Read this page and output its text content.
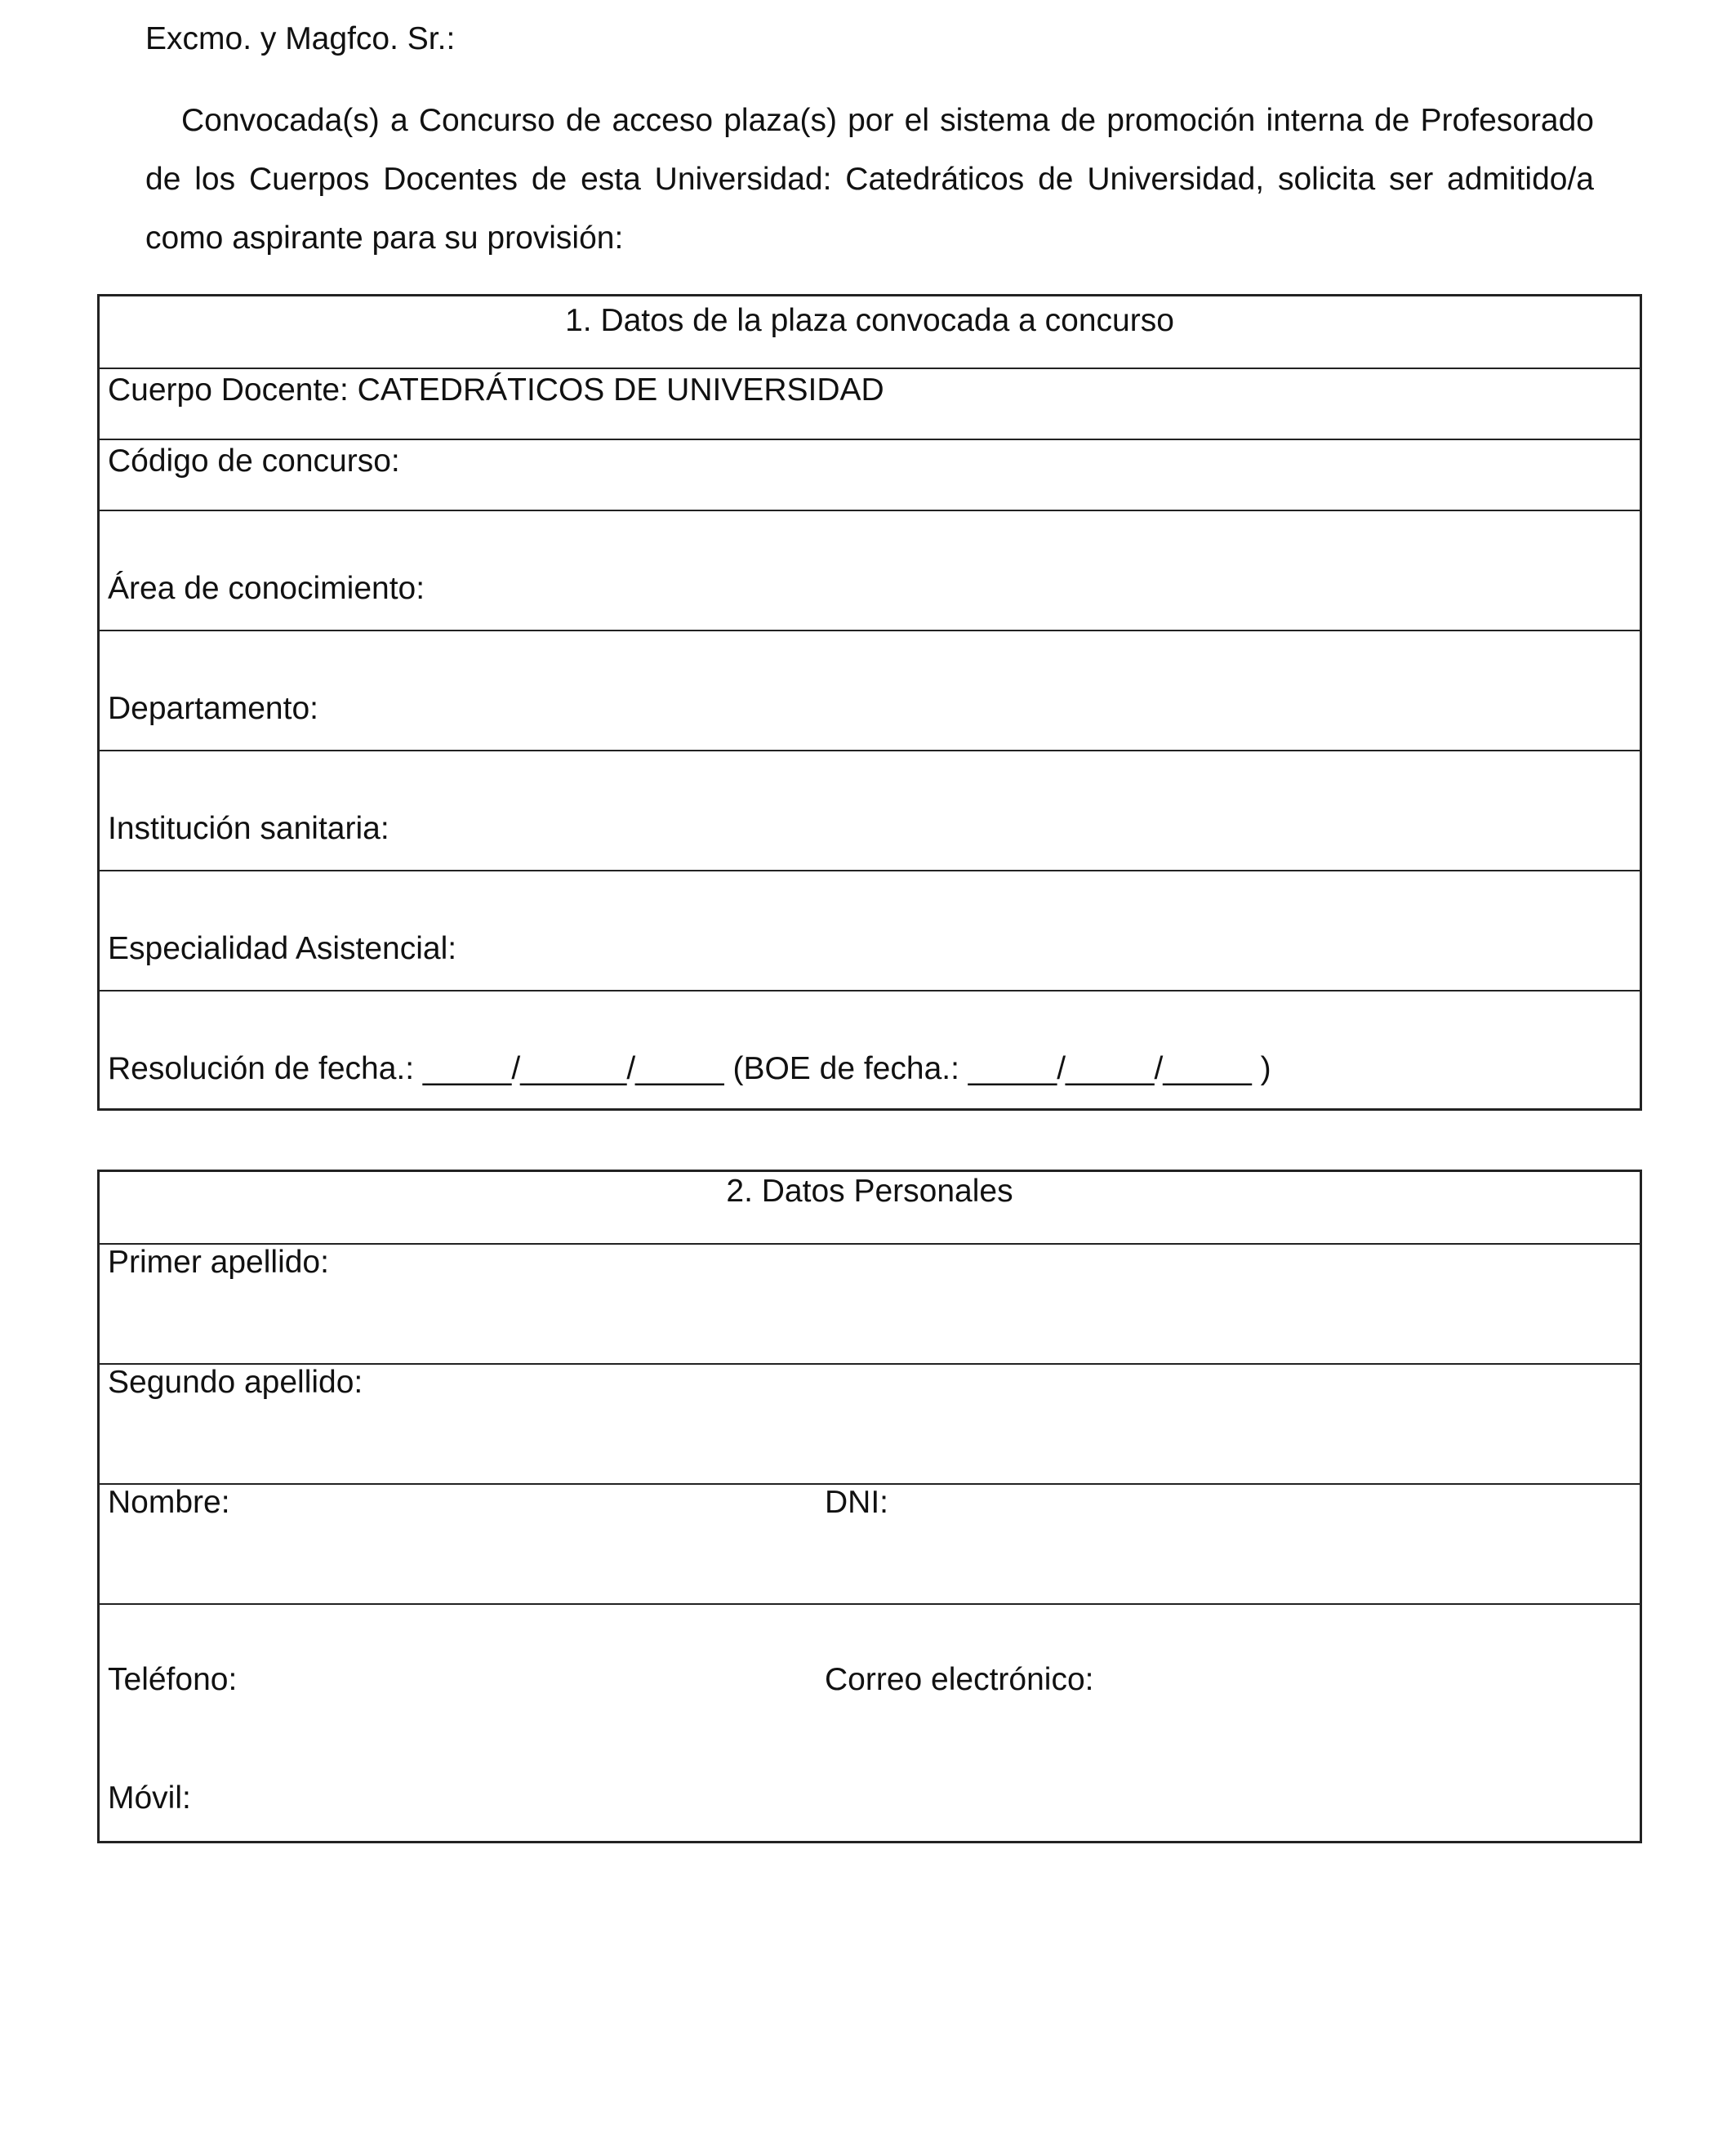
Excmo. y Magfco. Sr.:

Convocada(s) a Concurso de acceso plaza(s) por el sistema de promoción interna de Profesorado de los Cuerpos Docentes de esta Universidad: Catedráticos de Universidad, solicita ser admitido/a como aspirante para su provisión:

1. Datos de la plaza convocada a concurso
Cuerpo Docente: CATEDRÁTICOS DE UNIVERSIDAD
Código de concurso:
Área de conocimiento:
Departamento:
Institución sanitaria:
Especialidad Asistencial:
Resolución de fecha.: _____/______/_____ (BOE de fecha.: _____/_____/_____ )
2. Datos Personales
Primer apellido:
Segundo apellido:
Nombre:	DNI:
Teléfono:	Correo electrónico:
Móvil:
